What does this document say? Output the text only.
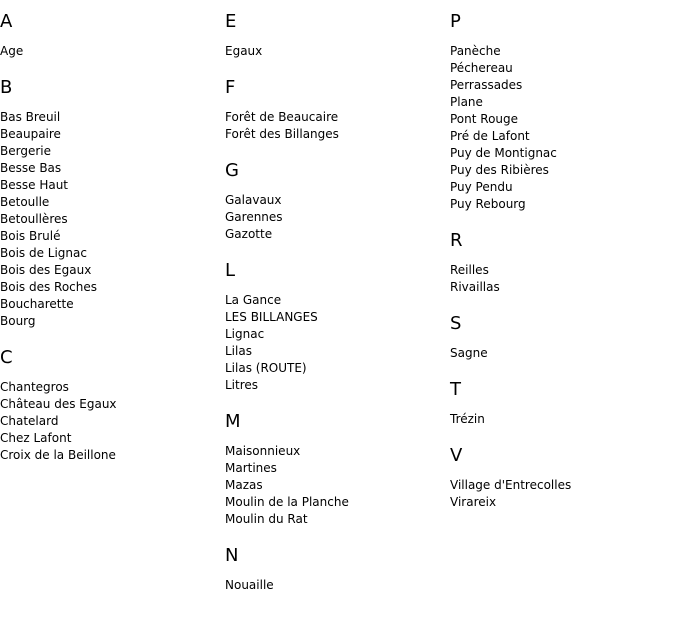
A
Age
B
Bas Breuil
Beaupaire
Bergerie
Besse Bas
Besse Haut
Betoulle
Betoullères
Bois Brulé
Bois de Lignac
Bois des Egaux
Bois des Roches
Boucharette
Bourg
C
Chantegros
Château des Egaux
Chatelard
Chez Lafont
Croix de la Beillone
E
Egaux
F
Forêt de Beaucaire
Forêt des Billanges
G
Galavaux
Garennes
Gazotte
L
La Gance
LES BILLANGES
Lignac
Lilas
Lilas (ROUTE)
Litres
M
Maisonnieux
Martines
Mazas
Moulin de la Planche
Moulin du Rat
N
Nouaille
P
Panèche
Péchereau
Perrassades
Plane
Pont Rouge
Pré de Lafont
Puy de Montignac
Puy des Ribières
Puy Pendu
Puy Rebourg
R
Reilles
Rivaillas
S
Sagne
T
Trézin
V
Village d'Entrecolles
Virareix
